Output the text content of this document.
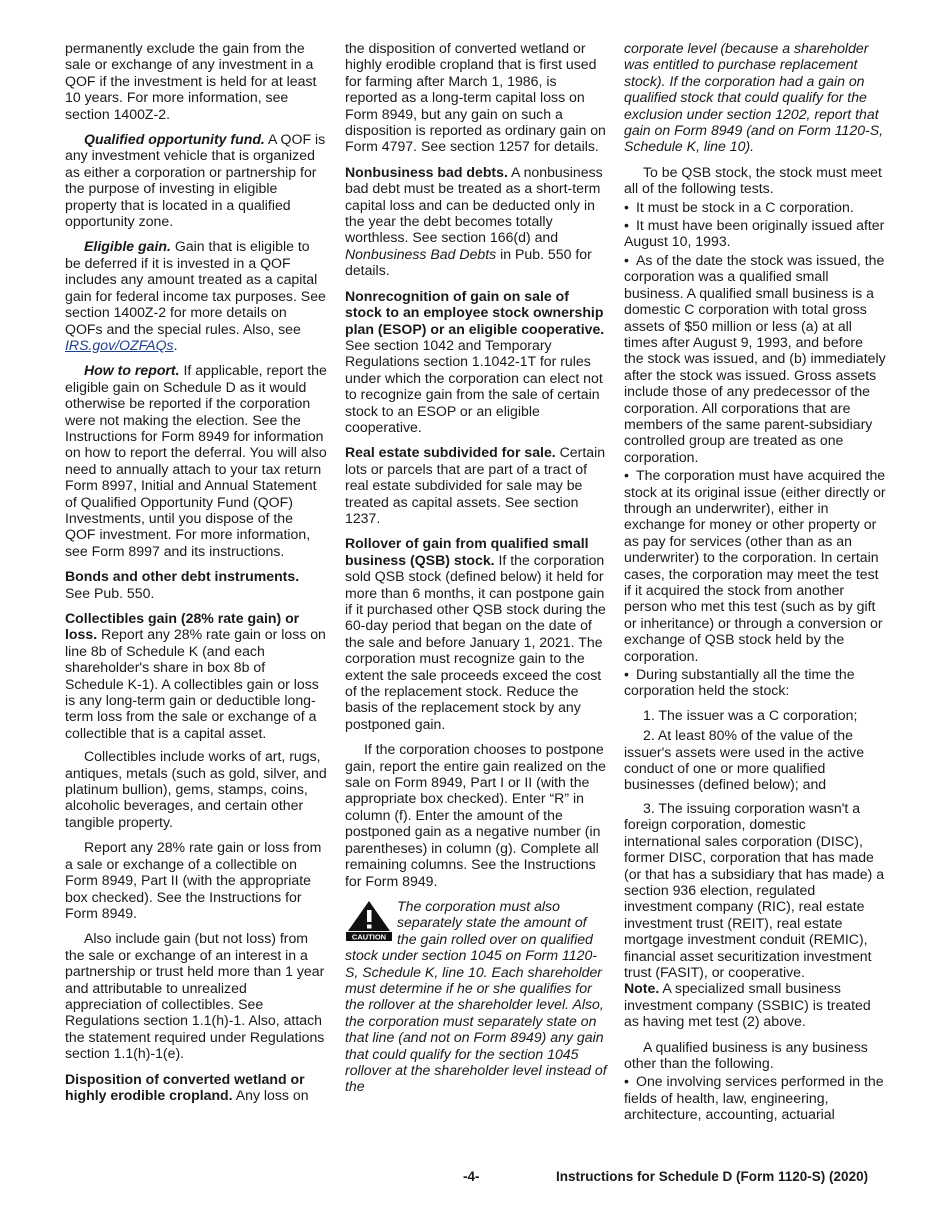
permanently exclude the gain from the sale or exchange of any investment in a QOF if the investment is held for at least 10 years. For more information, see section 1400Z-2.

Qualified opportunity fund. A QOF is any investment vehicle that is organized as either a corporation or partnership for the purpose of investing in eligible property that is located in a qualified opportunity zone.

Eligible gain. Gain that is eligible to be deferred if it is invested in a QOF includes any amount treated as a capital gain for federal income tax purposes. See section 1400Z-2 for more details on QOFs and the special rules. Also, see IRS.gov/OZFAQs.

How to report. If applicable, report the eligible gain on Schedule D as it would otherwise be reported if the corporation were not making the election. See the Instructions for Form 8949 for information on how to report the deferral. You will also need to annually attach to your tax return Form 8997, Initial and Annual Statement of Qualified Opportunity Fund (QOF) Investments, until you dispose of the QOF investment. For more information, see Form 8997 and its instructions.

Bonds and other debt instruments. See Pub. 550.

Collectibles gain (28% rate gain) or loss. Report any 28% rate gain or loss on line 8b of Schedule K (and each shareholder's share in box 8b of Schedule K-1). A collectibles gain or loss is any long-term gain or deductible long-term loss from the sale or exchange of a collectible that is a capital asset.

Collectibles include works of art, rugs, antiques, metals (such as gold, silver, and platinum bullion), gems, stamps, coins, alcoholic beverages, and certain other tangible property.

Report any 28% rate gain or loss from a sale or exchange of a collectible on Form 8949, Part II (with the appropriate box checked). See the Instructions for Form 8949.

Also include gain (but not loss) from the sale or exchange of an interest in a partnership or trust held more than 1 year and attributable to unrealized appreciation of collectibles. See Regulations section 1.1(h)-1. Also, attach the statement required under Regulations section 1.1(h)-1(e).

Disposition of converted wetland or highly erodible cropland. Any loss on

the disposition of converted wetland or highly erodible cropland that is first used for farming after March 1, 1986, is reported as a long-term capital loss on Form 8949, but any gain on such a disposition is reported as ordinary gain on Form 4797. See section 1257 for details.

Nonbusiness bad debts. A nonbusiness bad debt must be treated as a short-term capital loss and can be deducted only in the year the debt becomes totally worthless. See section 166(d) and Nonbusiness Bad Debts in Pub. 550 for details.

Nonrecognition of gain on sale of stock to an employee stock ownership plan (ESOP) or an eligible cooperative. See section 1042 and Temporary Regulations section 1.1042-1T for rules under which the corporation can elect not to recognize gain from the sale of certain stock to an ESOP or an eligible cooperative.

Real estate subdivided for sale. Certain lots or parcels that are part of a tract of real estate subdivided for sale may be treated as capital assets. See section 1237.

Rollover of gain from qualified small business (QSB) stock. If the corporation sold QSB stock (defined below) it held for more than 6 months, it can postpone gain if it purchased other QSB stock during the 60-day period that began on the date of the sale and before January 1, 2021. The corporation must recognize gain to the extent the sale proceeds exceed the cost of the replacement stock. Reduce the basis of the replacement stock by any postponed gain.

If the corporation chooses to postpone gain, report the entire gain realized on the sale on Form 8949, Part I or II (with the appropriate box checked). Enter “R” in column (f). Enter the amount of the postponed gain as a negative number (in parentheses) in column (g). Complete all remaining columns. See the Instructions for Form 8949.

CAUTION
The corporation must also separately state the amount of the gain rolled over on qualified stock under section 1045 on Form 1120-S, Schedule K, line 10. Each shareholder must determine if he or she qualifies for the rollover at the shareholder level. Also, the corporation must separately state on that line (and not on Form 8949) any gain that could qualify for the section 1045 rollover at the shareholder level instead of the

corporate level (because a shareholder was entitled to purchase replacement stock). If the corporation had a gain on qualified stock that could qualify for the exclusion under section 1202, report that gain on Form 8949 (and on Form 1120-S, Schedule K, line 10).

To be QSB stock, the stock must meet all of the following tests.

• It must be stock in a C corporation.

• It must have been originally issued after August 10, 1993.

• As of the date the stock was issued, the corporation was a qualified small business. A qualified small business is a domestic C corporation with total gross assets of $50 million or less (a) at all times after August 9, 1993, and before the stock was issued, and (b) immediately after the stock was issued. Gross assets include those of any predecessor of the corporation. All corporations that are members of the same parent-subsidiary controlled group are treated as one corporation.

• The corporation must have acquired the stock at its original issue (either directly or through an underwriter), either in exchange for money or other property or as pay for services (other than as an underwriter) to the corporation. In certain cases, the corporation may meet the test if it acquired the stock from another person who met this test (such as by gift or inheritance) or through a conversion or exchange of QSB stock held by the corporation.

• During substantially all the time the corporation held the stock:

1. The issuer was a C corporation;

2. At least 80% of the value of the issuer's assets were used in the active conduct of one or more qualified businesses (defined below); and

3. The issuing corporation wasn't a foreign corporation, domestic international sales corporation (DISC), former DISC, corporation that has made (or that has a subsidiary that has made) a section 936 election, regulated investment company (RIC), real estate investment trust (REIT), real estate mortgage investment conduit (REMIC), financial asset securitization investment trust (FASIT), or cooperative.

Note. A specialized small business investment company (SSBIC) is treated as having met test (2) above.

A qualified business is any business other than the following.

• One involving services performed in the fields of health, law, engineering, architecture, accounting, actuarial

-4-	Instructions for Schedule D (Form 1120-S) (2020)
